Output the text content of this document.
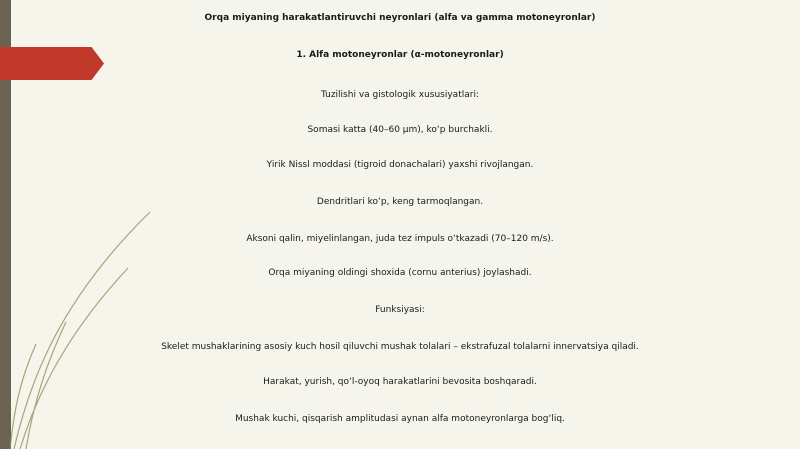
Orqa miyaning harakatlantiruvchi neyronlari (alfa va gamma motoneyronlar)
1. Alfa motoneyronlar (α-motoneyronlar)
Tuzilishi va gistologik xususiyatlari:
Somasi katta (40–60 µm), ko‘p burchakli.
Yirik Nissl moddasi (tigroid donachalari) yaxshi rivojlangan.
Dendritlari ko‘p, keng tarmoqlangan.
Aksoni qalin, miyelinlangan, juda tez impuls o‘tkazadi (70–120 m/s).
Orqa miyaning oldingi shoxida (cornu anterius) joylashadi.
Funksiyasi:
Skelet mushaklarining asosiy kuch hosil qiluvchi mushak tolalari – ekstrafuzal tolalarni innervatsiya qiladi.
Harakat, yurish, qo‘l-oyoq harakatlarini bevosita boshqaradi.
Mushak kuchi, qisqarish amplitudasi aynan alfa motoneyronlarga bog‘liq.
